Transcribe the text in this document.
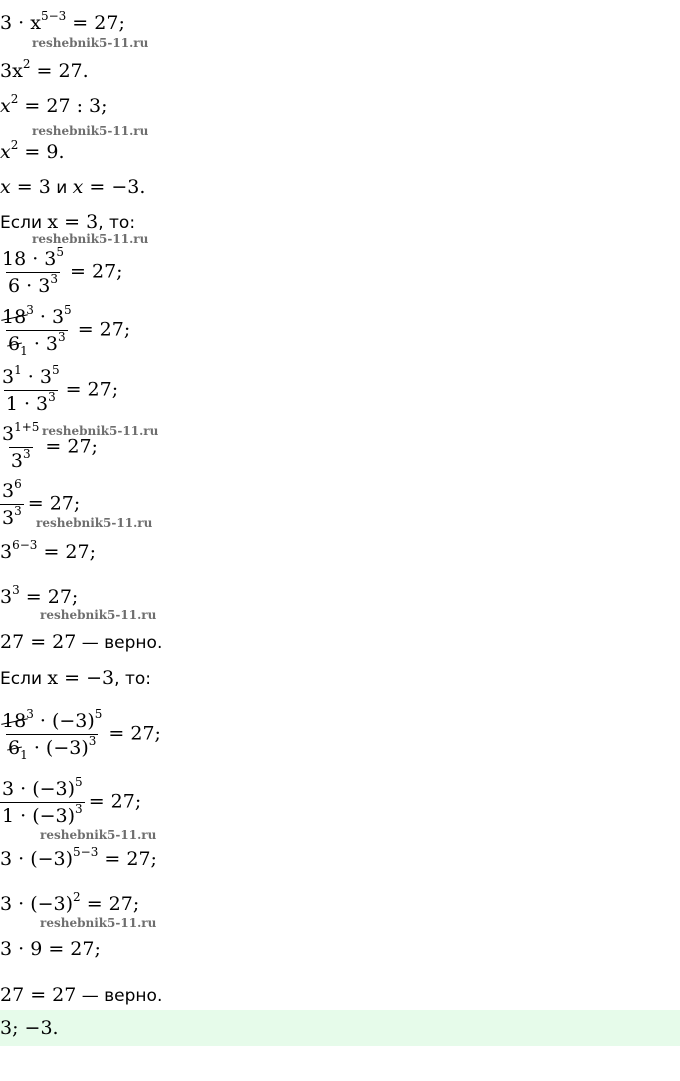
$3 \cdot x^{5-3} = 27$;
reshebnik5-11.ru
$3x^2 = 27$.
$x^2 = 27$ : 3;
reshebnik5-11.ru
$x^2 = 9$.
x = 3 и x = −3.
Если x = 3, то:
reshebnik5-11.ru
$\frac{18 \cdot 3^5}{6 \cdot 3^3} = 27$;
$\frac{18^3 \cdot 3^5}{6_1 \cdot 3^3} = 27$;
$\frac{3^1 \cdot 3^5}{1 \cdot 3^3} = 27$;
$\frac{3^{1+5}}{3^3} = 27$;
reshebnik5-11.ru
$\frac{3^6}{3^3} = 27$;
reshebnik5-11.ru
$3^{6-3} = 27$;
$3^3 = 27$;
reshebnik5-11.ru
27 = 27 — верно.
Если x = −3, то:
$\frac{18^3 \cdot (-3)^5}{6_1 \cdot (-3)^3} = 27$;
$\frac{3 \cdot (-3)^5}{1 \cdot (-3)^3} = 27$;
reshebnik5-11.ru
$3 \cdot (-3)^{5-3} = 27$;
$3 \cdot (-3)^2 = 27$;
reshebnik5-11.ru
3 · 9 = 27;
27 = 27 — верно.
3; −3.
